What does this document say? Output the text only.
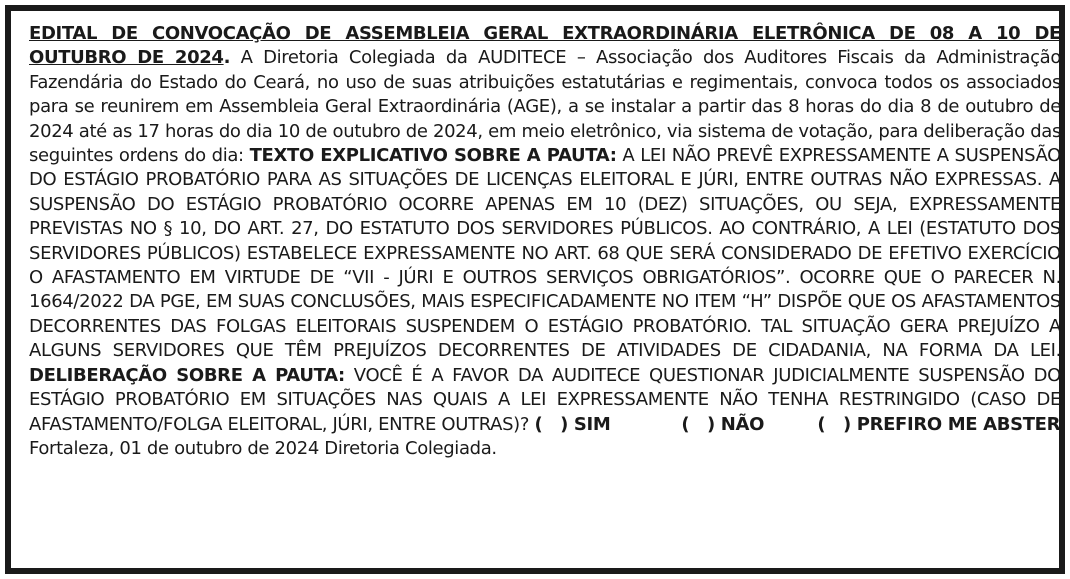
EDITAL DE CONVOCAÇÃO DE ASSEMBLEIA GERAL EXTRAORDINÁRIA ELETRÔNICA DE 08 A 10 DE OUTUBRO DE 2024. A Diretoria Colegiada da AUDITECE – Associação dos Auditores Fiscais da Administração Fazendária do Estado do Ceará, no uso de suas atribuições estatutárias e regimentais, convoca todos os associados para se reunirem em Assembleia Geral Extraordinária (AGE), a se instalar a partir das 8 horas do dia 8 de outubro de 2024 até as 17 horas do dia 10 de outubro de 2024, em meio eletrônico, via sistema de votação, para deliberação das seguintes ordens do dia: TEXTO EXPLICATIVO SOBRE A PAUTA: A LEI NÃO PREVÊ EXPRESSAMENTE A SUSPENSÃO DO ESTÁGIO PROBATÓRIO PARA AS SITUAÇÕES DE LICENÇAS ELEITORAL E JÚRI, ENTRE OUTRAS NÃO EXPRESSAS. A SUSPENSÃO DO ESTÁGIO PROBATÓRIO OCORRE APENAS EM 10 (DEZ) SITUAÇÕES, OU SEJA, EXPRESSAMENTE PREVISTAS NO § 10, DO ART. 27, DO ESTATUTO DOS SERVIDORES PÚBLICOS. AO CONTRÁRIO, A LEI (ESTATUTO DOS SERVIDORES PÚBLICOS) ESTABELECE EXPRESSAMENTE NO ART. 68 QUE SERÁ CONSIDERADO DE EFETIVO EXERCÍCIO O AFASTAMENTO EM VIRTUDE DE “VII - JÚRI E OUTROS SERVIÇOS OBRIGATÓRIOS”. OCORRE QUE O PARECER N. 1664/2022 DA PGE, EM SUAS CONCLUSÕES, MAIS ESPECIFICADAMENTE NO ITEM “H” DISPÕE QUE OS AFASTAMENTOS DECORRENTES DAS FOLGAS ELEITORAIS SUSPENDEM O ESTÁGIO PROBATÓRIO. TAL SITUAÇÃO GERA PREJUÍZO A ALGUNS SERVIDORES QUE TÊM PREJUÍZOS DECORRENTES DE ATIVIDADES DE CIDADANIA, NA FORMA DA LEI. DELIBERAÇÃO SOBRE A PAUTA: VOCÊ É A FAVOR DA AUDITECE QUESTIONAR JUDICIALMENTE SUSPENSÃO DO ESTÁGIO PROBATÓRIO EM SITUAÇÕES NAS QUAIS A LEI EXPRESSAMENTE NÃO TENHA RESTRINGIDO (CASO DE AFASTAMENTO/FOLGA ELEITORAL, JÚRI, ENTRE OUTRAS)? (   ) SIM	(   ) NÃO	(   ) PREFIRO ME ABSTER
Fortaleza, 01 de outubro de 2024 Diretoria Colegiada.
